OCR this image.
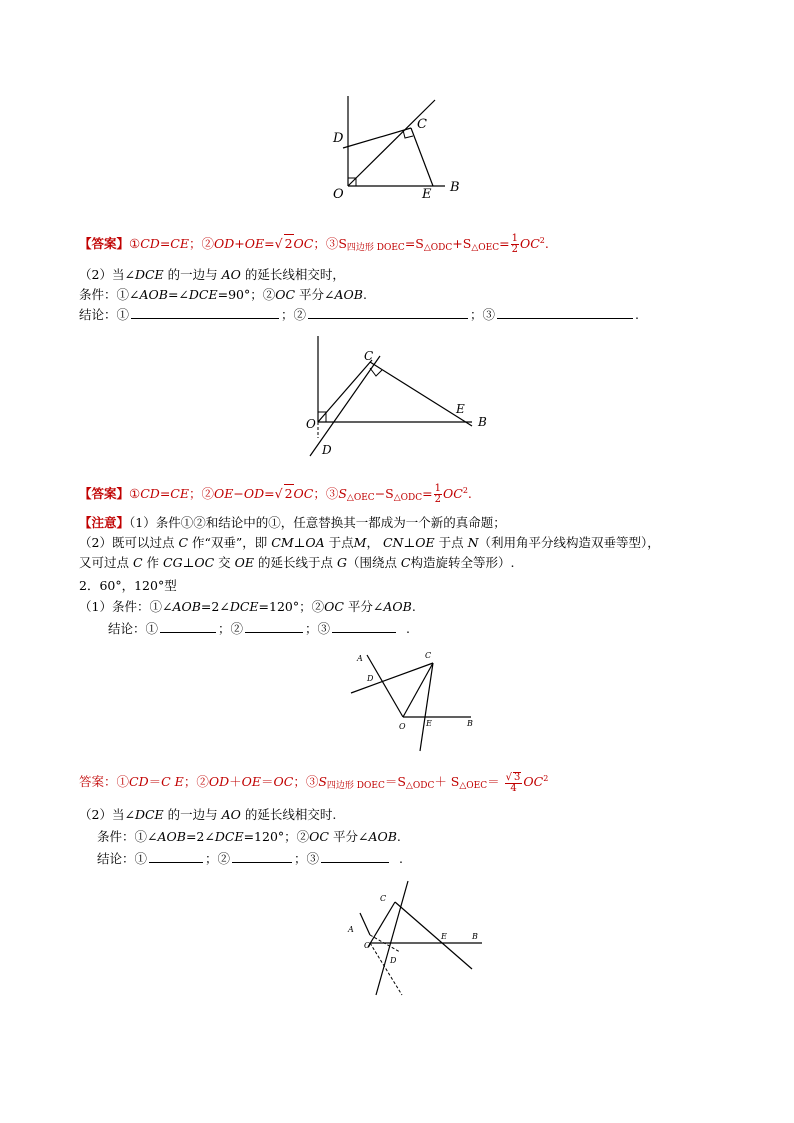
D
C
O	E B
【答案】①CD=CE；②OD+OE=√ 2OC；$③S_{四边形 DOEC}=S_{\triangle ODC}+S_{\triangle OEC}= \frac{1}{2} OC^2$.
（2）当∠DCE 的一边与 AO 的延长线相交时，
条件：①∠AOB=∠DCE=90°；②OC 平分∠AOB.
结论：①	；②	；③	.
C
O
D
E
B
【答案】①CD=CE；②OE−OD=√ 2OC；$③S_{\triangle OEC}-S_{\triangle ODC}= \frac{1}{2} OC^2$.
【注意】（1）条件①②和结论中的①，任意替换其一都成为一个新的真命题；
（2）既可以过点 C 作“双垂”，即 CM⊥OA 于点M， CN⊥OE 于点 N（利用角平分线构造双垂等型），
又可过点 C 作 CG⊥OC 交 OE 的延长线于点 G（围绕点 C构造旋转全等形）.
2．60°，120°型
（1）条件：①∠AOB=2∠DCE=120°；②OC 平分∠AOB.
结论：①	；②	；③	.
A	C
D
O	E	B
答案：①CD＝C E；②OD＋OE＝OC；$③S_{四边形 DOEC}=S_{\triangle ODC}+ S_{\triangle OEC}= \frac{√ 3}{4} OC^2$
（2）当∠DCE 的一边与 AO 的延长线相交时.
条件：①∠AOB=2∠DCE=120°；②OC 平分∠AOB.
结论：①	；②	；③	.
C
A
O
E	B
D
